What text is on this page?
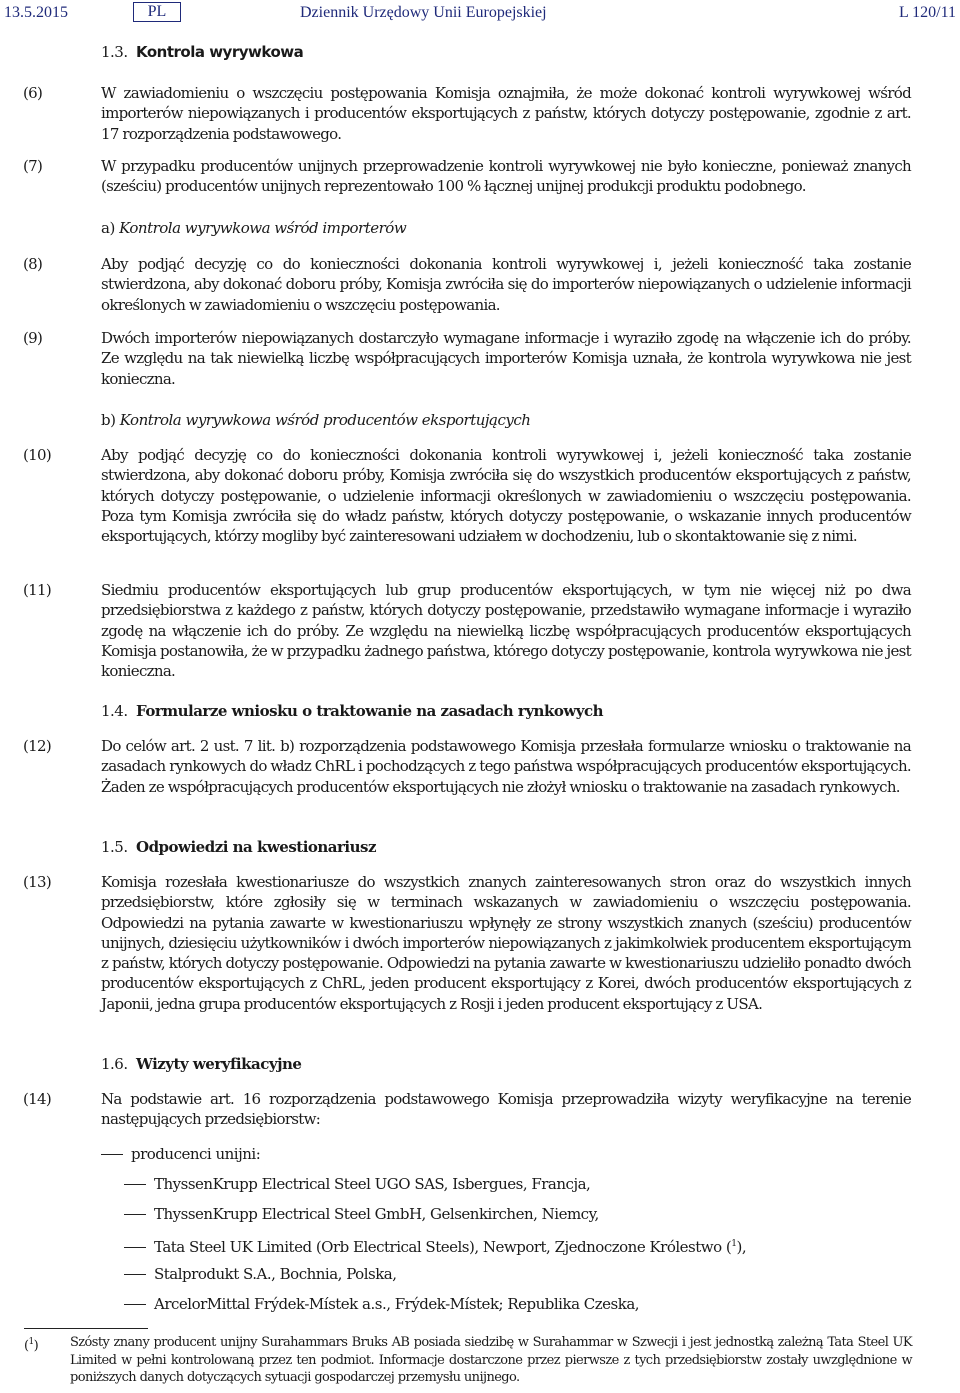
13.5.2015	PL	Dziennik Urzędowy Unii Europejskiej	L 120/11
1.3. Kontrola wyrywkowa
(6)	W zawiadomieniu o wszczęciu postępowania Komisja oznajmiła, że może dokonać kontroli wyrywkowej wśród importerów niepowiązanych i producentów eksportujących z państw, których dotyczy postępowanie, zgodnie z art. 17 rozporządzenia podstawowego.
(7)	W przypadku producentów unijnych przeprowadzenie kontroli wyrywkowej nie było konieczne, ponieważ znanych (sześciu) producentów unijnych reprezentowało 100 % łącznej unijnej produkcji produktu podobnego.
a) Kontrola wyrywkowa wśród importerów
(8)	Aby podjąć decyzję co do konieczności dokonania kontroli wyrywkowej i, jeżeli konieczność taka zostanie stwierdzona, aby dokonać doboru próby, Komisja zwróciła się do importerów niepowiązanych o udzielenie informacji określonych w zawiadomieniu o wszczęciu postępowania.
(9)	Dwóch importerów niepowiązanych dostarczyło wymagane informacje i wyraziło zgodę na włączenie ich do próby. Ze względu na tak niewielką liczbę współpracujących importerów Komisja uznała, że kontrola wyrywkowa nie jest konieczna.
b) Kontrola wyrywkowa wśród producentów eksportujących
(10)	Aby podjąć decyzję co do konieczności dokonania kontroli wyrywkowej i, jeżeli konieczność taka zostanie stwierdzona, aby dokonać doboru próby, Komisja zwróciła się do wszystkich producentów eksportujących z państw, których dotyczy postępowanie, o udzielenie informacji określonych w zawiadomieniu o wszczęciu postępowania. Poza tym Komisja zwróciła się do władz państw, których dotyczy postępowanie, o wskazanie innych producentów eksportujących, którzy mogliby być zainteresowani udziałem w dochodzeniu, lub o skontaktowanie się z nimi.
(11)	Siedmiu producentów eksportujących lub grup producentów eksportujących, w tym nie więcej niż po dwa przedsiębiorstwa z każdego z państw, których dotyczy postępowanie, przedstawiło wymagane informacje i wyraziło zgodę na włączenie ich do próby. Ze względu na niewielką liczbę współpracujących producentów eksportujących Komisja postanowiła, że w przypadku żadnego państwa, którego dotyczy postępowanie, kontrola wyrywkowa nie jest konieczna.
1.4. Formularze wniosku o traktowanie na zasadach rynkowych
(12)	Do celów art. 2 ust. 7 lit. b) rozporządzenia podstawowego Komisja przesłała formularze wniosku o traktowanie na zasadach rynkowych do władz ChRL i pochodzących z tego państwa współpracujących producentów eksportujących. Żaden ze współpracujących producentów eksportujących nie złożył wniosku o traktowanie na zasadach rynkowych.
1.5. Odpowiedzi na kwestionariusz
(13)	Komisja rozesłała kwestionariusze do wszystkich znanych zainteresowanych stron oraz do wszystkich innych przedsiębiorstw, które zgłosiły się w terminach wskazanych w zawiadomieniu o wszczęciu postępowania. Odpowiedzi na pytania zawarte w kwestionariuszu wpłynęły ze strony wszystkich znanych (sześciu) producentów unijnych, dziesięciu użytkowników i dwóch importerów niepowiązanych z jakimkolwiek producentem eksportującym z państw, których dotyczy postępowanie. Odpowiedzi na pytania zawarte w kwestionariuszu udzieliło ponadto dwóch producentów eksportujących z ChRL, jeden producent eksportujący z Korei, dwóch producentów eksportujących z Japonii, jedna grupa producentów eksportujących z Rosji i jeden producent eksportujący z USA.
1.6. Wizyty weryfikacyjne
(14)	Na podstawie art. 16 rozporządzenia podstawowego Komisja przeprowadziła wizyty weryfikacyjne na terenie następujących przedsiębiorstw:
producenci unijni:
ThyssenKrupp Electrical Steel UGO SAS, Isbergues, Francja,
ThyssenKrupp Electrical Steel GmbH, Gelsenkirchen, Niemcy,
Tata Steel UK Limited (Orb Electrical Steels), Newport, Zjednoczone Królestwo ($^1$),
Stalprodukt S.A., Bochnia, Polska,
ArcelorMittal Frýdek-Místek a.s., Frýdek-Místek; Republika Czeska,
($^1$) Szósty znany producent unijny Surahammars Bruks AB posiada siedzibę w Surahammar w Szwecji i jest jednostką zależną Tata Steel UK Limited w pełni kontrolowaną przez ten podmiot. Informacje dostarczone przez pierwsze z tych przedsiębiorstw zostały uwzględnione w poniższych danych dotyczących sytuacji gospodarczej przemysłu unijnego.
